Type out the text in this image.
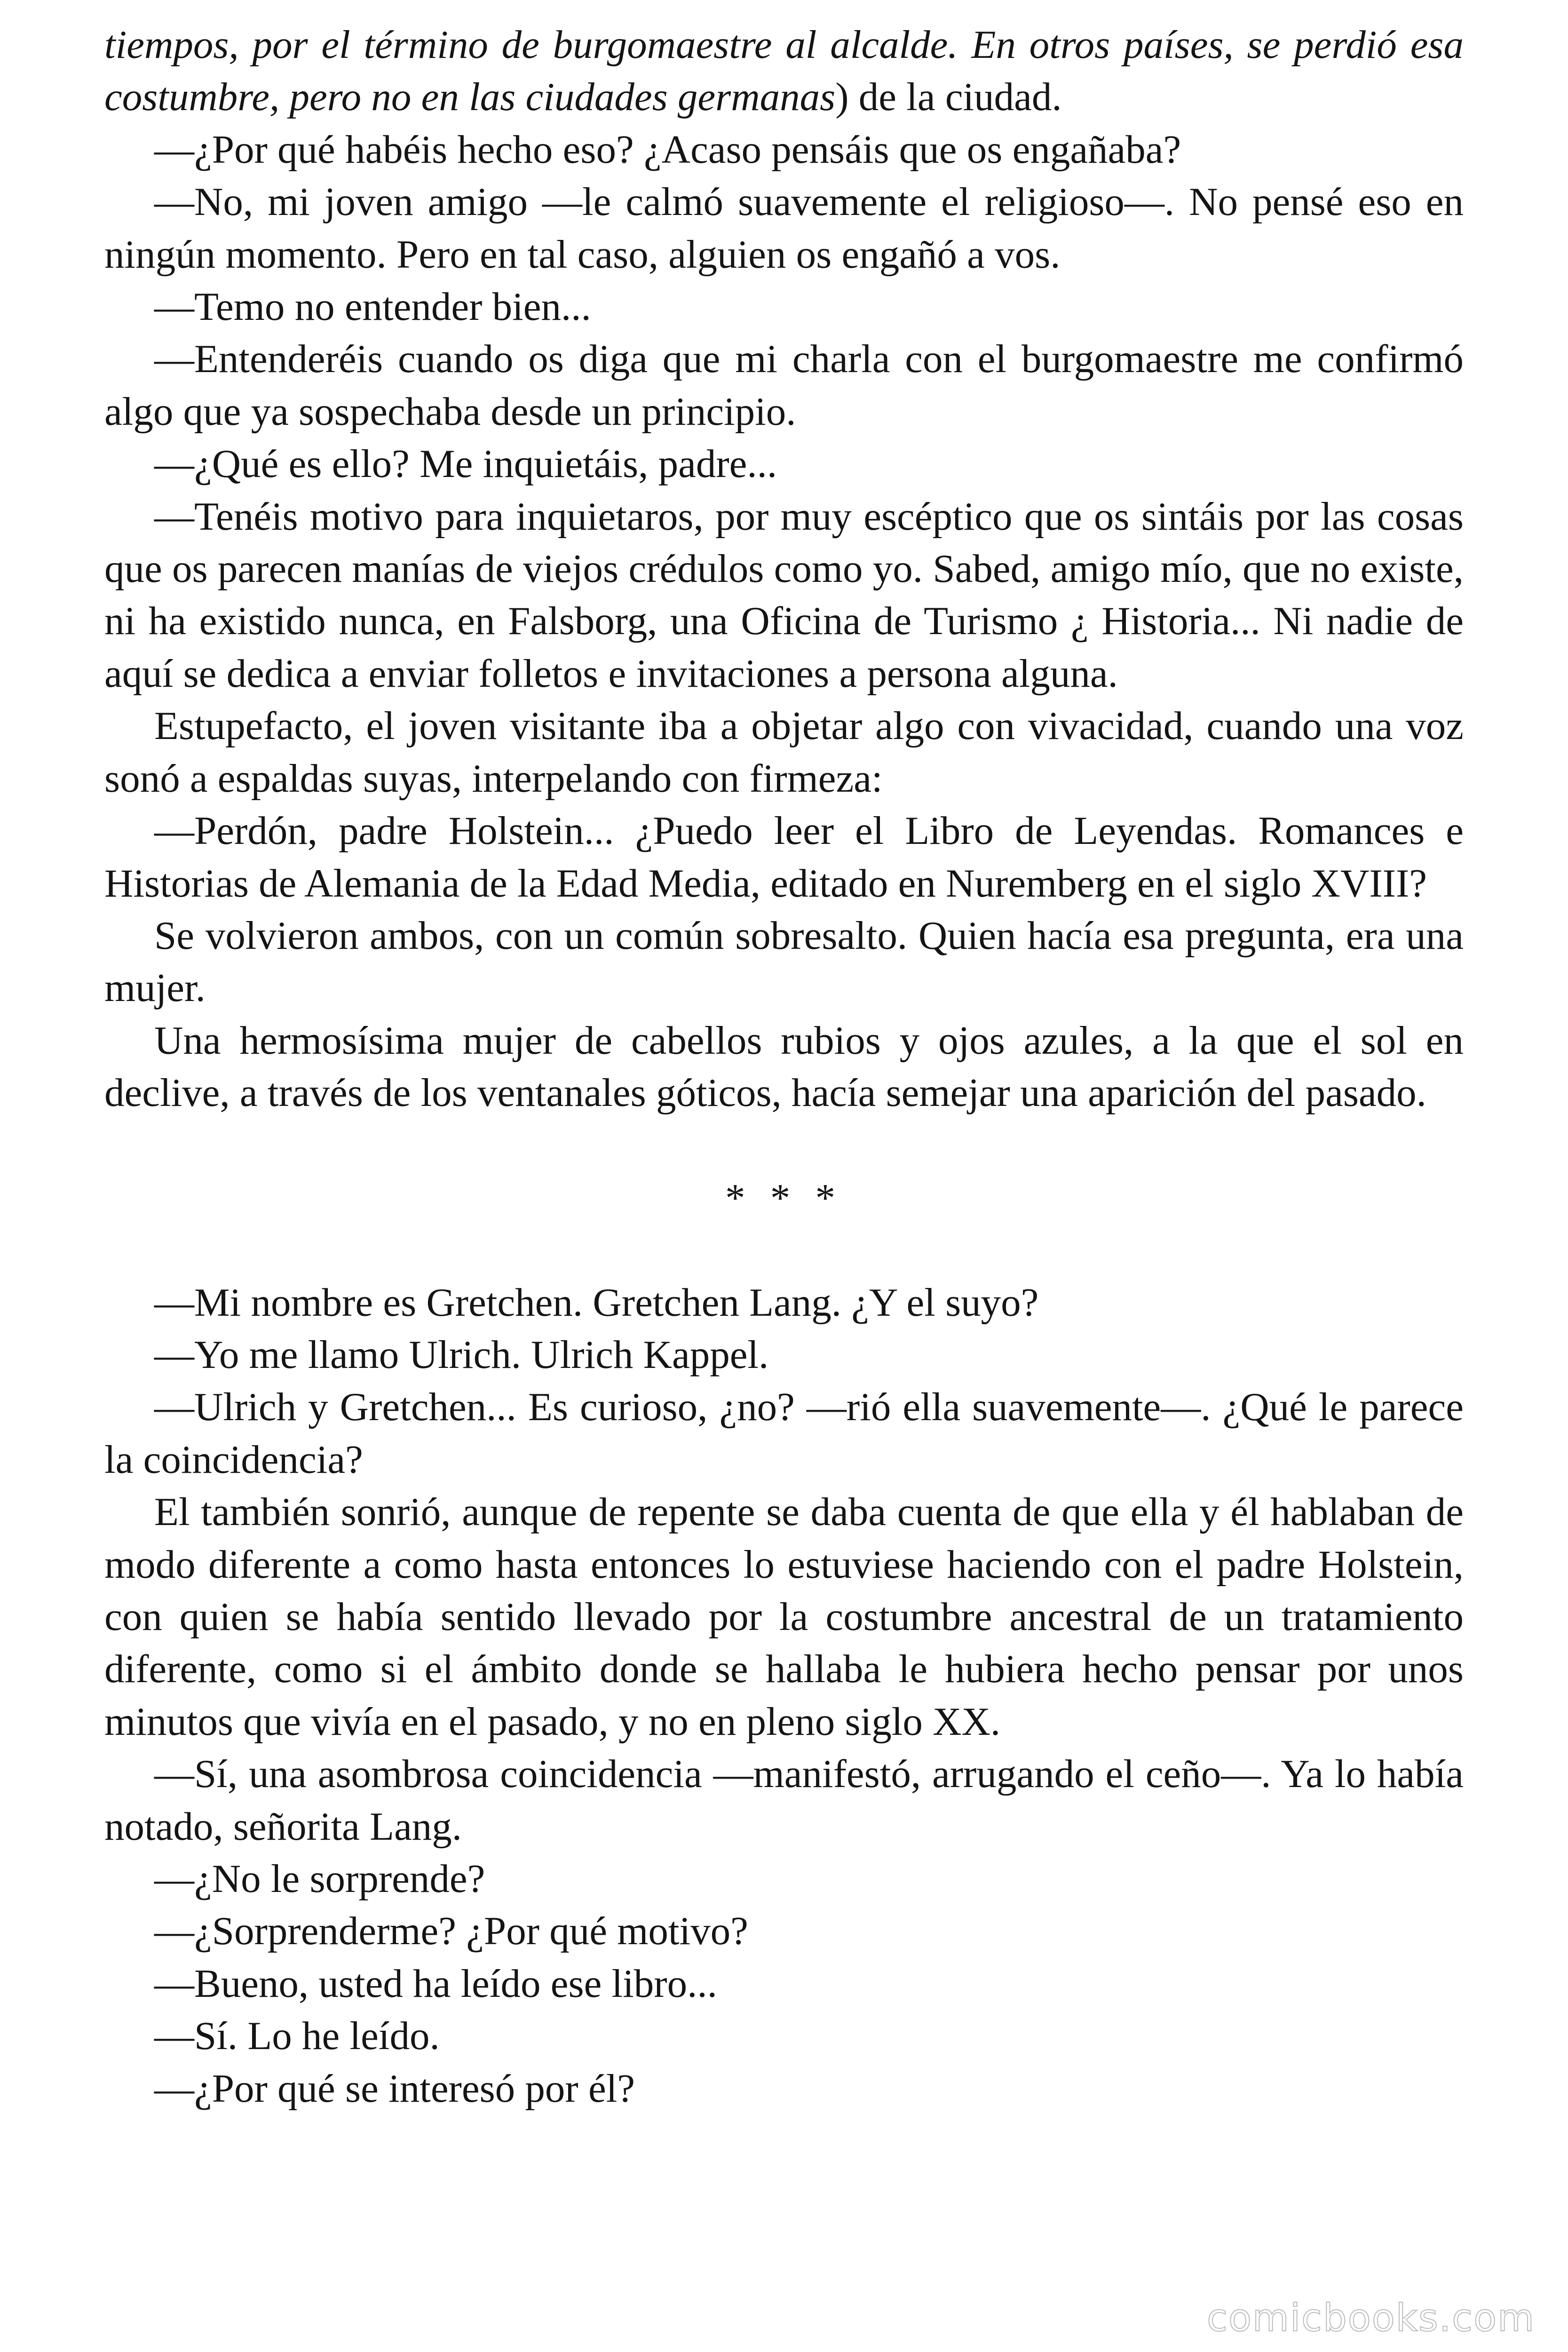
tiempos, por el término de burgomaestre al alcalde. En otros países, se perdió esa costumbre, pero no en las ciudades germanas) de la ciudad.

—¿Por qué habéis hecho eso? ¿Acaso pensáis que os engañaba?

—No, mi joven amigo —le calmó suavemente el religioso—. No pensé eso en ningún momento. Pero en tal caso, alguien os engañó a vos.

—Temo no entender bien...

—Entenderéis cuando os diga que mi charla con el burgomaestre me confirmó algo que ya sospechaba desde un principio.

—¿Qué es ello? Me inquietáis, padre...

—Tenéis motivo para inquietaros, por muy escéptico que os sintáis por las cosas que os parecen manías de viejos crédulos como yo. Sabed, amigo mío, que no existe, ni ha existido nunca, en Falsborg, una Oficina de Turismo ¿ Historia... Ni nadie de aquí se dedica a enviar folletos e invitaciones a persona alguna.

Estupefacto, el joven visitante iba a objetar algo con vivacidad, cuando una voz sonó a espaldas suyas, interpelando con firmeza:

—Perdón, padre Holstein... ¿Puedo leer el Libro de Leyendas. Romances e Historias de Alemania de la Edad Media, editado en Nuremberg en el siglo XVIII?

Se volvieron ambos, con un común sobresalto. Quien hacía esa pregunta, era una mujer.

Una hermosísima mujer de cabellos rubios y ojos azules, a la que el sol en declive, a través de los ventanales góticos, hacía semejar una aparición del pasado.

* * *

—Mi nombre es Gretchen. Gretchen Lang. ¿Y el suyo?

—Yo me llamo Ulrich. Ulrich Kappel.

—Ulrich y Gretchen... Es curioso, ¿no? —rió ella suavemente—. ¿Qué le parece la coincidencia?

El también sonrió, aunque de repente se daba cuenta de que ella y él hablaban de modo diferente a como hasta entonces lo estuviese haciendo con el padre Holstein, con quien se había sentido llevado por la costumbre ancestral de un tratamiento diferente, como si el ámbito donde se hallaba le hubiera hecho pensar por unos minutos que vivía en el pasado, y no en pleno siglo XX.

—Sí, una asombrosa coincidencia —manifestó, arrugando el ceño—. Ya lo había notado, señorita Lang.

—¿No le sorprende?

—¿Sorprenderme? ¿Por qué motivo?

—Bueno, usted ha leído ese libro...

—Sí. Lo he leído.

—¿Por qué se interesó por él?

comicbooks.com
